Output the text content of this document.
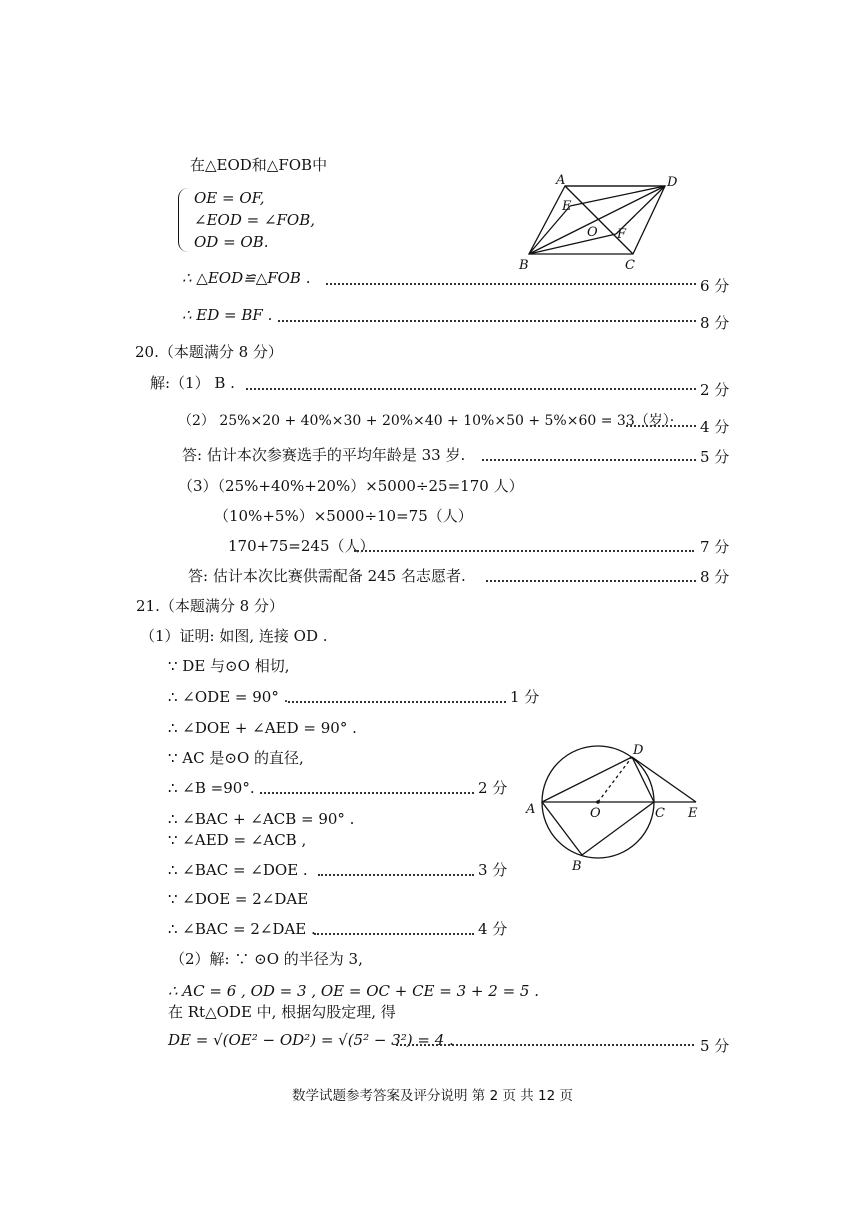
在△EOD和△FOB中
OE = OF,
∠EOD = ∠FOB,
OD = OB.
A	D
E
O F
B	C
∴ △EOD≌△FOB .	6 分
∴ ED = BF .	8 分
20.（本题满分 8 分）
解:（1） B .	2 分
（2） 25%×20 + 40%×30 + 20%×40 + 10%×50 + 5%×60 = 33（岁）· 4 分
答: 估计本次参赛选手的平均年龄是 33 岁.	5 分
（3）（25%+40%+20%）×5000÷25=170 人）
（10%+5%）×5000÷10=75（人）
170+75=245（人）	7 分
答: 估计本次比赛供需配备 245 名志愿者.	8 分
21.（本题满分 8 分）
（1）证明: 如图, 连接 OD .
∵ DE 与⊙O 相切,
∴ ∠ODE = 90° .	1 分
∴ ∠DOE + ∠AED = 90° .
∵ AC 是⊙O 的直径,
∴ ∠B =90°.	2 分
∴ ∠BAC + ∠ACB = 90° .
∵ ∠AED = ∠ACB ,
∴ ∠BAC = ∠DOE .	3 分
∵ ∠DOE = 2∠DAE
∴ ∠BAC = 2∠DAE .	4 分
A	O	C E
D
B
（2）解: ∵ ⊙O 的半径为 3,
∴ AC = 6 , OD = 3 , OE = OC + CE = 3 + 2 = 5 .
在 Rt△ODE 中, 根据勾股定理, 得
DE = √(OE² − OD²) = √(5² − 3²) = 4 .	5 分
数学试题参考答案及评分说明 第 2 页 共 12 页
